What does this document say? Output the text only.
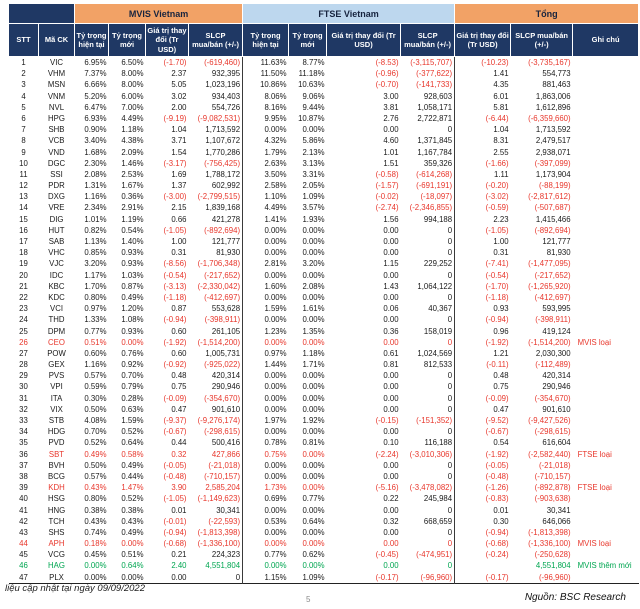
		MVIS Vietnam				FTSE Vietnam				Tổng		
STT	Mã CK	Tỷ trọng hiện tại	Tỷ trọng mới	Giá trị thay đổi (Tr USD)	SLCP mua/bán (+/-)	Tỷ trọng hiện tại	Tỷ trọng mới	Giá trị thay đổi (Tr USD)	SLCP mua/bán (+/-)	Giá trị thay đổi (Tr USD)	SLCP mua/bán (+/-)	Ghi chú
1	VIC	6.95%	6.50%	(-1.70)	(-619,460)	11.63%	8.77%	(-8.53)	(-3,115,707)	(-10.23)	(-3,735,167)	
2	VHM	7.37%	8.00%	2.37	932,395	11.50%	11.18%	(-0.96)	(-377,622)	1.41	554,773	
3	MSN	6.66%	8.00%	5.05	1,023,196	10.86%	10.63%	(-0.70)	(-141,733)	4.35	881,463	
4	VNM	5.20%	6.00%	3.02	934,403	8.06%	9.06%	3.00	928,603	6.01	1,863,006	
5	NVL	6.47%	7.00%	2.00	554,726	8.16%	9.44%	3.81	1,058,171	5.81	1,612,896	
6	HPG	6.93%	4.49%	(-9.19)	(-9,082,531)	9.95%	10.87%	2.76	2,722,871	(-6.44)	(-6,359,660)	
7	SHB	0.90%	1.18%	1.04	1,713,592	0.00%	0.00%	0.00	0	1.04	1,713,592	
8	VCB	3.40%	4.38%	3.71	1,107,672	4.32%	5.86%	4.60	1,371,845	8.31	2,479,517	
9	VND	1.68%	2.09%	1.54	1,770,286	1.79%	2.13%	1.01	1,167,784	2.55	2,938,071	
10	DGC	2.30%	1.46%	(-3.17)	(-756,425)	2.63%	3.13%	1.51	359,326	(-1.66)	(-397,099)	
11	SSI	2.08%	2.53%	1.69	1,788,172	3.50%	3.31%	(-0.58)	(-614,268)	1.11	1,173,904	
12	PDR	1.31%	1.67%	1.37	602,992	2.58%	2.05%	(-1.57)	(-691,191)	(-0.20)	(-88,199)	
13	DXG	1.16%	0.36%	(-3.00)	(-2,799,515)	1.10%	1.09%	(-0.02)	(-18,097)	(-3.02)	(-2,817,612)	
14	VRE	2.34%	2.91%	2.15	1,839,168	4.49%	3.57%	(-2.74)	(-2,346,855)	(-0.59)	(-507,687)	
15	DIG	1.01%	1.19%	0.66	421,278	1.41%	1.93%	1.56	994,188	2.23	1,415,466	
16	HUT	0.82%	0.54%	(-1.05)	(-892,694)	0.00%	0.00%	0.00	0	(-1.05)	(-892,694)	
17	SAB	1.13%	1.40%	1.00	121,777	0.00%	0.00%	0.00	0	1.00	121,777	
18	VHC	0.85%	0.93%	0.31	81,930	0.00%	0.00%	0.00	0	0.31	81,930	
19	VJC	3.20%	0.93%	(-8.56)	(-1,706,348)	2.81%	3.20%	1.15	229,252	(-7.41)	(-1,477,095)	
20	IDC	1.17%	1.03%	(-0.54)	(-217,652)	0.00%	0.00%	0.00	0	(-0.54)	(-217,652)	
21	KBC	1.70%	0.87%	(-3.13)	(-2,330,042)	1.60%	2.08%	1.43	1,064,122	(-1.70)	(-1,265,920)	
22	KDC	0.80%	0.49%	(-1.18)	(-412,697)	0.00%	0.00%	0.00	0	(-1.18)	(-412,697)	
23	VCI	0.97%	1.20%	0.87	553,628	1.59%	1.61%	0.06	40,367	0.93	593,995	
24	THD	1.33%	1.08%	(-0.94)	(-398,911)	0.00%	0.00%	0.00	0	(-0.94)	(-398,911)	
25	DPM	0.77%	0.93%	0.60	261,105	1.23%	1.35%	0.36	158,019	0.96	419,124	
26	CEO	0.51%	0.00%	(-1.92)	(-1,514,200)	0.00%	0.00%	0.00	0	(-1.92)	(-1,514,200)	MVIS loại
27	POW	0.60%	0.76%	0.60	1,005,731	0.97%	1.18%	0.61	1,024,569	1.21	2,030,300	
28	GEX	1.16%	0.92%	(-0.92)	(-925,022)	1.44%	1.71%	0.81	812,533	(-0.11)	(-112,489)	
29	PVS	0.57%	0.70%	0.48	420,314	0.00%	0.00%	0.00	0	0.48	420,314	
30	VPI	0.59%	0.79%	0.75	290,946	0.00%	0.00%	0.00	0	0.75	290,946	
31	ITA	0.30%	0.28%	(-0.09)	(-354,670)	0.00%	0.00%	0.00	0	(-0.09)	(-354,670)	
32	VIX	0.50%	0.63%	0.47	901,610	0.00%	0.00%	0.00	0	0.47	901,610	
33	STB	4.08%	1.59%	(-9.37)	(-9,276,174)	1.97%	1.92%	(-0.15)	(-151,352)	(-9.52)	(-9,427,526)	
34	HDG	0.70%	0.52%	(-0.67)	(-298,615)	0.00%	0.00%	0.00	0	(-0.67)	(-298,615)	
35	PVD	0.52%	0.64%	0.44	500,416	0.78%	0.81%	0.10	116,188	0.54	616,604	
36	SBT	0.49%	0.58%	0.32	427,866	0.75%	0.00%	(-2.24)	(-3,010,306)	(-1.92)	(-2,582,440)	FTSE loại
37	BVH	0.50%	0.49%	(-0.05)	(-21,018)	0.00%	0.00%	0.00	0	(-0.05)	(-21,018)	
38	BCG	0.57%	0.44%	(-0.48)	(-710,157)	0.00%	0.00%	0.00	0	(-0.48)	(-710,157)	
39	KDH	0.43%	1.47%	3.90	2,585,204	1.73%	0.00%	(-5.16)	(-3,478,082)	(-1.26)	(-892,878)	FTSE loại
40	HSG	0.80%	0.52%	(-1.05)	(-1,149,623)	0.69%	0.77%	0.22	245,984	(-0.83)	(-903,638)	
41	HNG	0.38%	0.38%	0.01	30,341	0.00%	0.00%	0.00	0	0.01	30,341	
42	TCH	0.43%	0.43%	(-0.01)	(-22,593)	0.53%	0.64%	0.32	668,659	0.30	646,066	
43	SHS	0.74%	0.49%	(-0.94)	(-1,813,398)	0.00%	0.00%	0.00	0	(-0.94)	(-1,813,398)	
44	APH	0.18%	0.00%	(-0.68)	(-1,336,100)	0.00%	0.00%	0.00	0	(-0.68)	(-1,336,100)	MVIS loại
45	VCG	0.45%	0.51%	0.21	224,323	0.77%	0.62%	(-0.45)	(-474,951)	(-0.24)	(-250,628)	
46	HAG	0.00%	0.64%	2.40	4,551,804	0.00%	0.00%	0.00	0		4,551,804	MVIS thêm mới
47	PLX	0.00%	0.00%	0.00	0	1.15%	1.09%	(-0.17)	(-96,960)	(-0.17)	(-96,960)	
liệu cập nhật tại ngày 09/09/2022
Nguồn: BSC Research
5
